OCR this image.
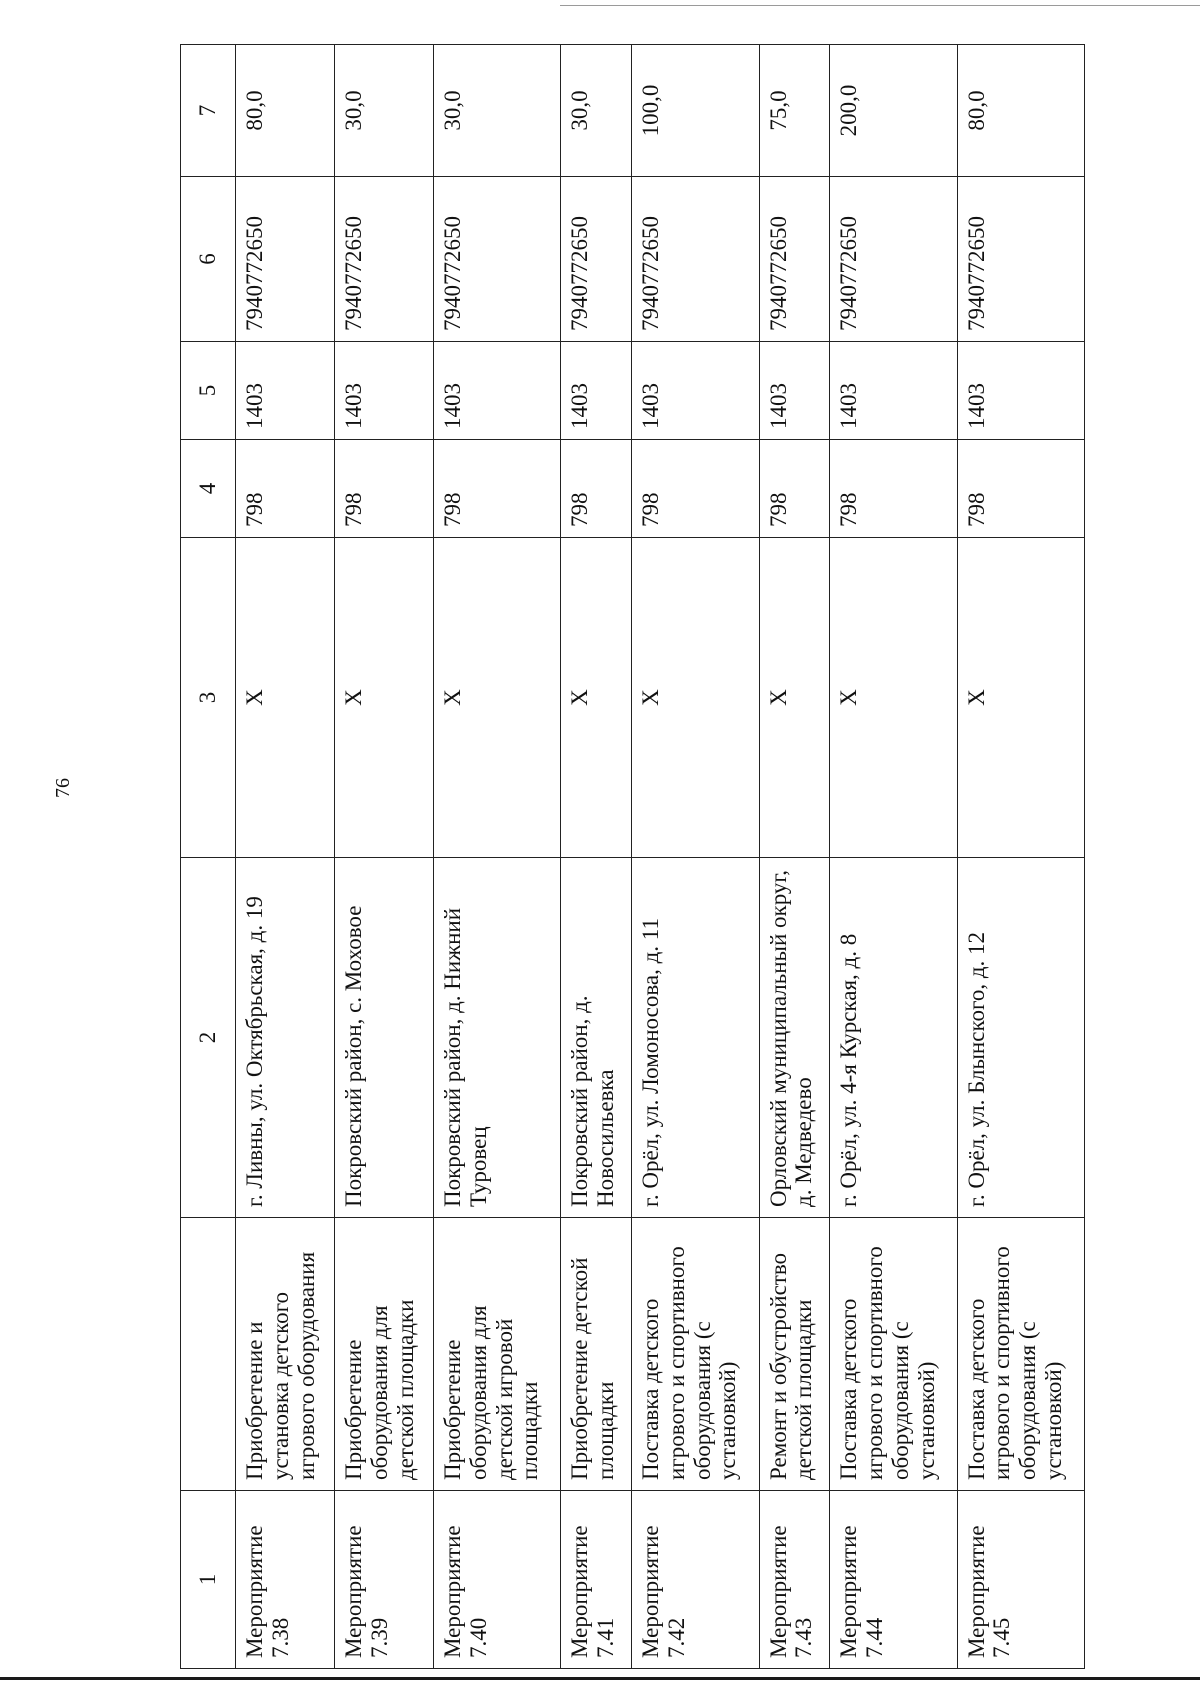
76
1		2	3	4	5	6	7
Мероприятие 7.38	Приобретение и установка детского игрового оборудования	г. Ливны, ул. Октябрьская, д. 19	X	798	1403	7940772650	80,0
Мероприятие 7.39	Приобретение оборудования для детской площадки	Покровский район, с. Моховое	X	798	1403	7940772650	30,0
Мероприятие 7.40	Приобретение оборудования для детской игровой площадки	Покровский район, д. Нижний Туровец	X	798	1403	7940772650	30,0
Мероприятие 7.41	Приобретение детской площадки	Покровский район, д. Новосильевка	X	798	1403	7940772650	30,0
Мероприятие 7.42	Поставка детского игрового и спортивного оборудования (с установкой)	г. Орёл, ул. Ломоносова, д. 11	X	798	1403	7940772650	100,0
Мероприятие 7.43	Ремонт и обустройство детской площадки	Орловский муниципальный округ, д. Медведево	X	798	1403	7940772650	75,0
Мероприятие 7.44	Поставка детского игрового и спортивного оборудования (с установкой)	г. Орёл, ул. 4-я Курская, д. 8	X	798	1403	7940772650	200,0
Мероприятие 7.45	Поставка детского игрового и спортивного оборудования (с установкой)	г. Орёл, ул. Блынского, д. 12	X	798	1403	7940772650	80,0
